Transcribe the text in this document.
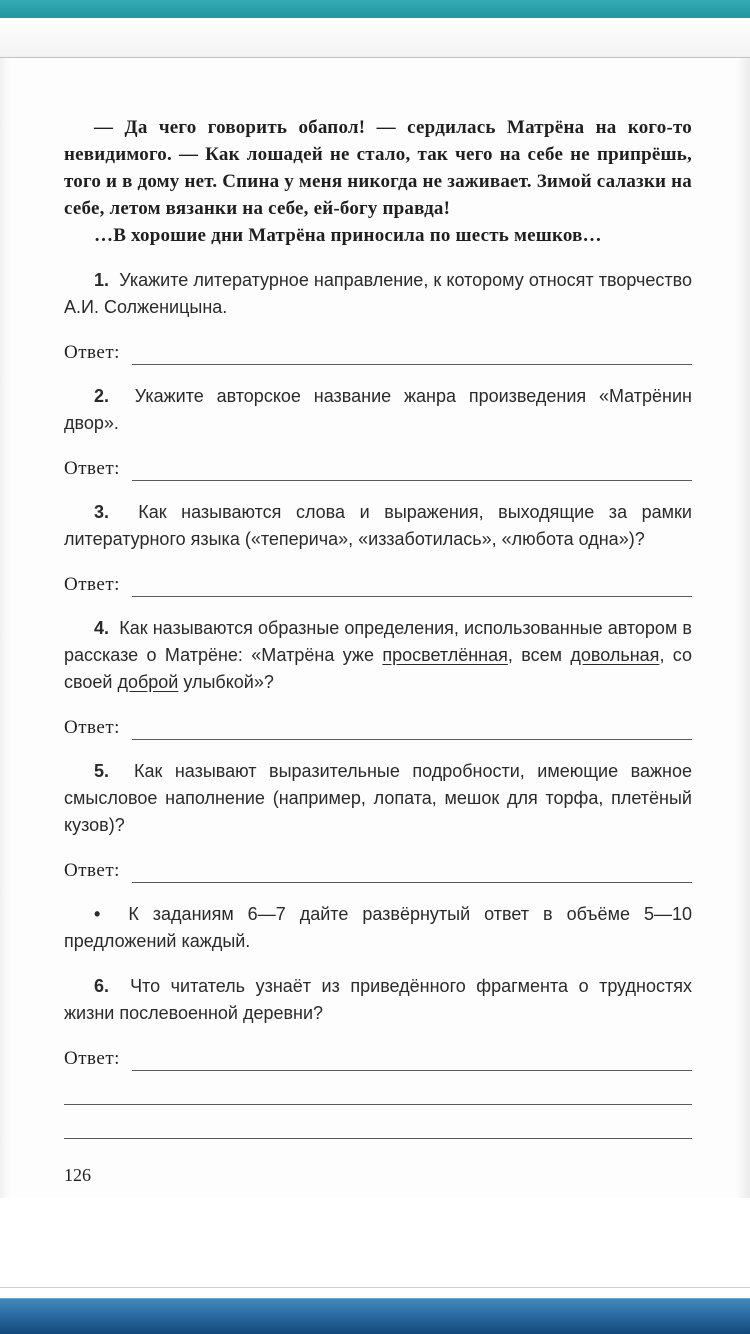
— Да чего говорить обапол! — сердилась Матрёна на кого-то невидимого. — Как лошадей не стало, так чего на себе не припрёшь, того и в дому нет. Спина у меня никогда не заживает. Зимой салазки на себе, летом вязанки на себе, ей-богу правда!

…В хорошие дни Матрёна приносила по шесть мешков…

1. Укажите литературное направление, к которому относят творчество А.И. Солженицына.

Ответ:

2. Укажите авторское название жанра произведения «Матрёнин двор».

Ответ:

3. Как называются слова и выражения, выходящие за рамки литературного языка («теперича», «иззаботилась», «любота одна»)?

Ответ:

4. Как называются образные определения, использованные автором в рассказе о Матрёне: «Матрёна уже просветлённая, всем довольная, со своей доброй улыбкой»?

Ответ:

5. Как называют выразительные подробности, имеющие важное смысловое наполнение (например, лопата, мешок для торфа, плетёный кузов)?

Ответ:

• К заданиям 6—7 дайте развёрнутый ответ в объёме 5—10 предложений каждый.

6. Что читатель узнаёт из приведённого фрагмента о трудностях жизни послевоенной деревни?

Ответ:
126
